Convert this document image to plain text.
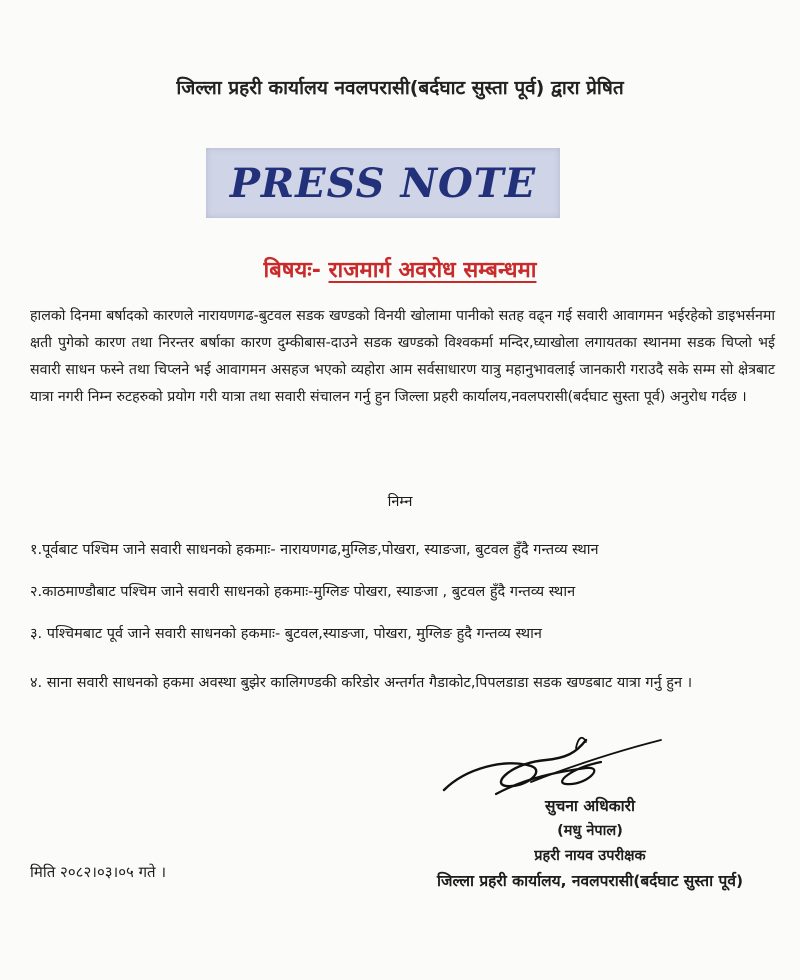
जिल्ला प्रहरी कार्यालय नवलपरासी(बर्दघाट सुस्ता पूर्व) द्वारा प्रेषित
PRESS NOTE
बिषयः- राजमार्ग अवरोध सम्बन्धमा
हालको दिनमा बर्षादको कारणले नारायणगढ-बुटवल सडक खण्डको विनयी खोलामा पानीको सतह वढ्न गई सवारी आवागमन भईरहेको डाइभर्सनमा क्षती पुगेको कारण तथा निरन्तर बर्षाका कारण दुम्कीबास-दाउने सडक खण्डको विश्वकर्मा मन्दिर,घ्याखोला लगायतका स्थानमा सडक चिप्लो भई सवारी साधन फस्ने तथा चिप्लने भई आवागमन असहज भएको व्यहोरा आम सर्वसाधारण यात्रु महानुभावलाई जानकारी गराउदै सके सम्म सो क्षेत्रबाट यात्रा नगरी निम्न रुटहरुको प्रयोग गरी यात्रा तथा सवारी संचालन गर्नु हुन जिल्ला प्रहरी कार्यालय,नवलपरासी(बर्दघाट सुस्ता पूर्व) अनुरोध गर्दछ ।
निम्न
१.पूर्वबाट पश्चिम जाने सवारी साधनको हकमाः- नारायणगढ,मुग्लिङ,पोखरा, स्याङजा, बुटवल हुँदै गन्तव्य स्थान
२.काठमाण्डौबाट पश्चिम जाने सवारी साधनको हकमाः-मुग्लिङ पोखरा, स्याङजा , बुटवल हुँदै गन्तव्य स्थान
३. पश्चिमबाट पूर्व जाने सवारी साधनको हकमाः- बुटवल,स्याङजा, पोखरा, मुग्लिङ हुदै गन्तव्य स्थान
४. साना सवारी साधनको हकमा अवस्था बुझेर कालिगण्डकी करिडोर अन्तर्गत गैडाकोट,पिपलडाडा सडक खण्डबाट यात्रा गर्नु हुन ।
सुचना अधिकारी
(मधु नेपाल)
प्रहरी नायव उपरीक्षक
जिल्ला प्रहरी कार्यालय, नवलपरासी(बर्दघाट सुस्ता पूर्व)
मिति २०८२।०३।०५ गते ।
